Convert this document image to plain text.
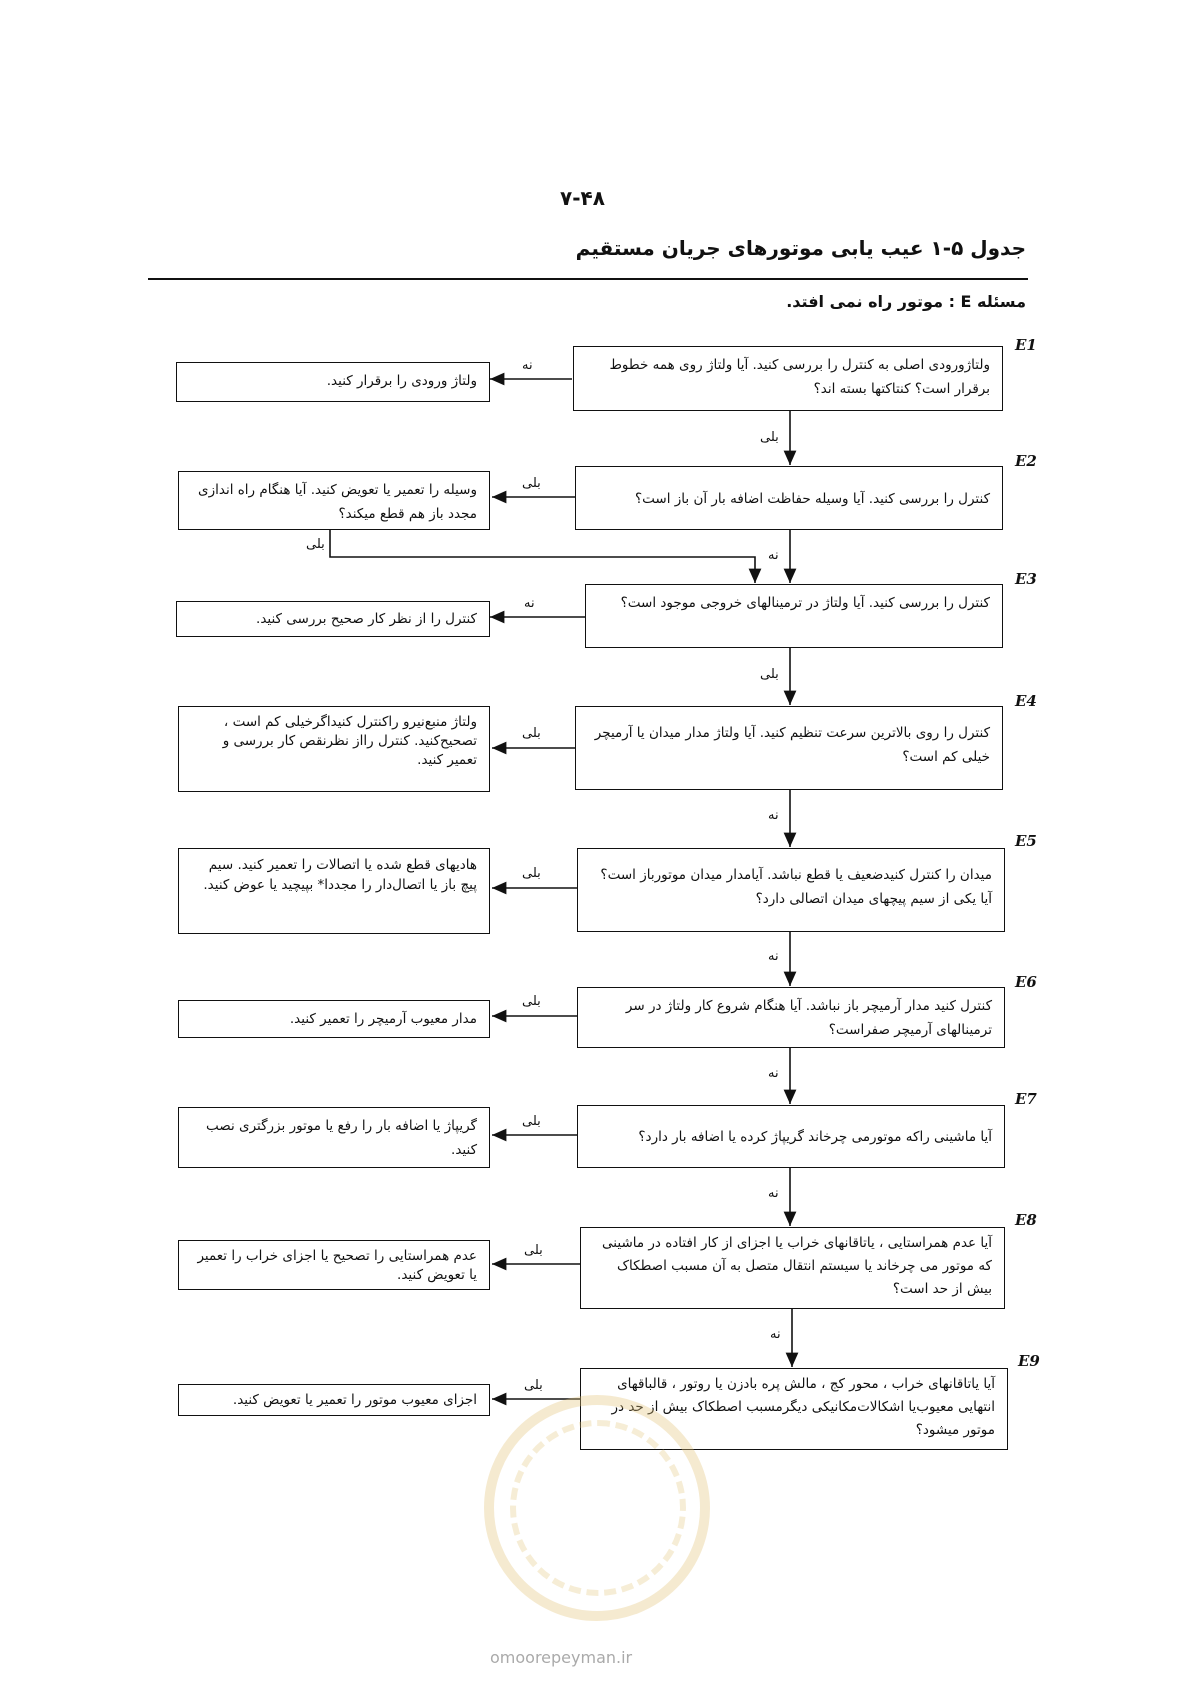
۷-۴۸
جدول ۵-۱ عیب یابی موتورهای جریان مستقیم
مسئله E : موتور راه نمی افتد.
E1
ولتاژورودی اصلی به کنترل را بررسی کنید. آیا ولتاژ روی همه خطوط برقرار است؟ کنتاکتها بسته اند؟
ولتاژ ورودی را برقرار کنید.
نه
بلی
E2
کنترل را بررسی کنید. آیا وسیله حفاظت اضافه بار آن باز است؟
وسیله را تعمیر یا تعویض کنید. آیا هنگام راه اندازی مجدد باز هم قطع میکند؟
بلی
بلی
نه
E3
کنترل را بررسی کنید. آیا ولتاژ در ترمینالهای خروجی موجود است؟
کنترل را از نظر کار صحیح بررسی کنید.
نه
بلی
E4
کنترل را روی بالاترین سرعت تنظیم کنید. آیا ولتاژ مدار میدان یا آرمیچر خیلی کم است؟
ولتاژ منبع‌نیرو راکنترل کنیداگرخیلی کم است ، تصحیح‌کنید. کنترل رااز نظرنقص کار بررسی و تعمیر کنید.
بلی
نه
E5
میدان را کنترل کنیدضعیف یا قطع نباشد. آیامدار میدان موتورباز است؟ آیا یکی از سیم پیچهای میدان اتصالی دارد؟
هادیهای قطع شده یا اتصالات را تعمیر کنید. سیم پیچ باز یا اتصال‌دار را مجددا* بپیچید یا عوض کنید.
بلی
نه
E6
کنترل کنید مدار آرمیچر باز نباشد. آیا هنگام شروع کار ولتاژ در سر ترمینالهای آرمیچر صفراست؟
مدار معیوب آرمیچر را تعمیر کنید.
بلی
نه
E7
آیا ماشینی راکه موتورمی چرخاند گریپاژ کرده یا اضافه بار دارد؟
گریپاژ یا اضافه بار را رفع یا موتور بزرگتری نصب کنید.
بلی
نه
E8
آیا عدم همراستایی ، یاتاقانهای خراب یا اجزای از کار افتاده در ماشینی که موتور می چرخاند یا سیستم انتقال متصل به آن مسبب اصطکاک بیش از حد است؟
عدم همراستایی را تصحیح یا اجزای خراب را تعمیر یا تعویض کنید.
بلی
نه
E9
آیا یاتاقانهای خراب ، محور کج ، مالش پره بادزن یا روتور ، قالباقهای انتهایی معیوب‌یا اشکالات‌مکانیکی دیگرمسبب اصطکاک بیش از حد در موتور میشود؟
اجزای معیوب موتور را تعمیر یا تعویض کنید.
بلی
omoorepeyman.ir
